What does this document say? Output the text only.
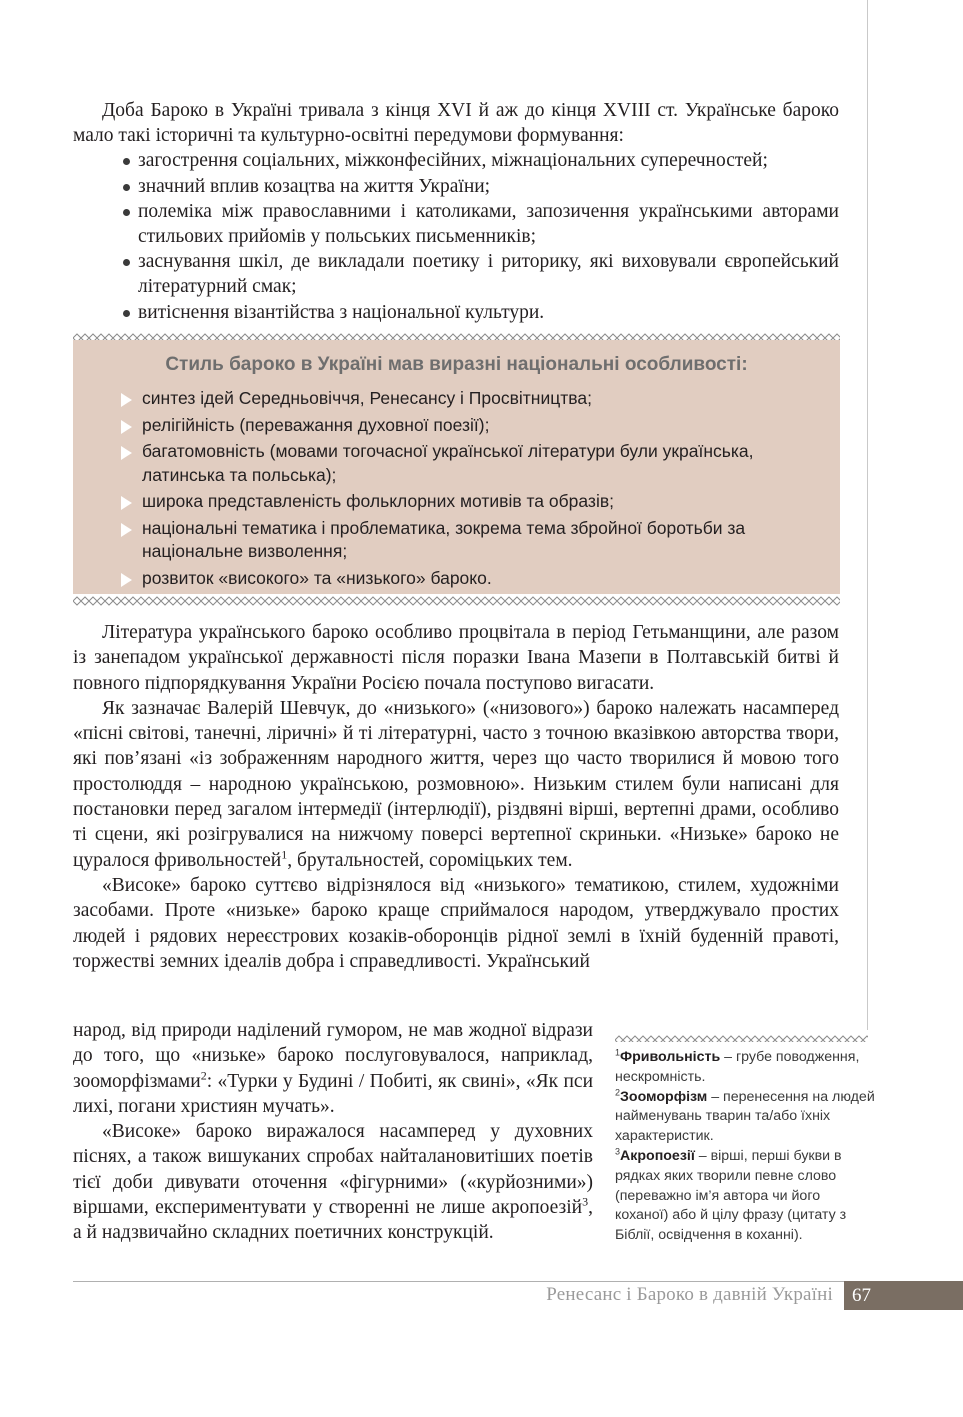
Доба Бароко в Україні тривала з кінця XVI й аж до кінця XVIII ст. Українське бароко мало такі історичні та культурно-освітні передумови формування:

загострення соціальних, міжконфесійних, міжнаціональних суперечностей;
значний вплив козацтва на життя України;
полеміка між православними і католиками, запозичення українськими авторами стильових прийомів у польських письменників;
заснування шкіл, де викладали поетику і риторику, які виховували європейський літературний смак;
витіснення візантійства з національної культури.
Стиль бароко в Україні мав виразні національні особливості:
синтез ідей Середньовіччя, Ренесансу і Просвітництва;
релігійність (переважання духовної поезії);
багатомовність (мовами тогочасної української літератури були українська, латинська та польська);
широка представленість фольклорних мотивів та образів;
національні тематика і проблематика, зокрема тема збройної боротьби за національне визволення;
розвиток «високого» та «низького» бароко.

Література українського бароко особливо процвітала в період Гетьманщини, але разом із занепадом української державності після поразки Івана Мазепи в Полтавській битві й повного підпорядкування України Росією почала поступово вигасати.

Як зазначає Валерій Шевчук, до «низького» («низового») бароко належать насамперед «пісні світові, танечні, ліричні» й ті літературні, часто з точною вказівкою авторства твори, які пов’язані «із зображенням народного життя, через що часто творилися й мовою того простолюддя – народною українською, розмовною». Низьким стилем були написані для постановки перед загалом інтермедії (інтерлюдії), різдвяні вірші, вертепні драми, особливо ті сцени, які розігрувалися на нижчому поверсі вертепної скриньки. «Низьке» бароко не цуралося фривольностей$^1$, брутальностей, сороміцьких тем.

«Високе» бароко суттєво відрізнялося від «низького» тематикою, стилем, художніми засобами. Проте «низьке» бароко краще сприймалося народом, утверджувало простих людей і рядових нереєстрових козаків-оборонців рідної землі в їхній буденній правоті, торжестві земних ідеалів добра і справедливості. Український

народ, від природи наділений гумором, не мав жодної відрази до того, що «низьке» бароко послуговувалося, наприклад, зооморфізмами$^2$: «Турки у Будині / Побиті, як свині», «Як пси лихі, погани християн мучать».

«Високе» бароко виражалося насамперед у духовних піснях, а також вишуканих спробах найталановитіших поетів тієї доби дивувати оточення «фігурними» («курйозними») віршами, експериментувати у створенні не лише акропоезій$^3$, а й надзвичайно складних поетичних конструкцій.

$^1$Фривольність – грубе поводження, нескромність.

$^2$Зооморфізм – перенесення на людей найменувань тварин та/або їхніх характеристик.

$^3$Акропоезії – вірші, перші букви в рядках яких творили певне слово (переважно ім’я автора чи його коханої) або й цілу фразу (цитату з Біблії, освідчення в коханні).

Ренесанс і Бароко в давній Україні	67
